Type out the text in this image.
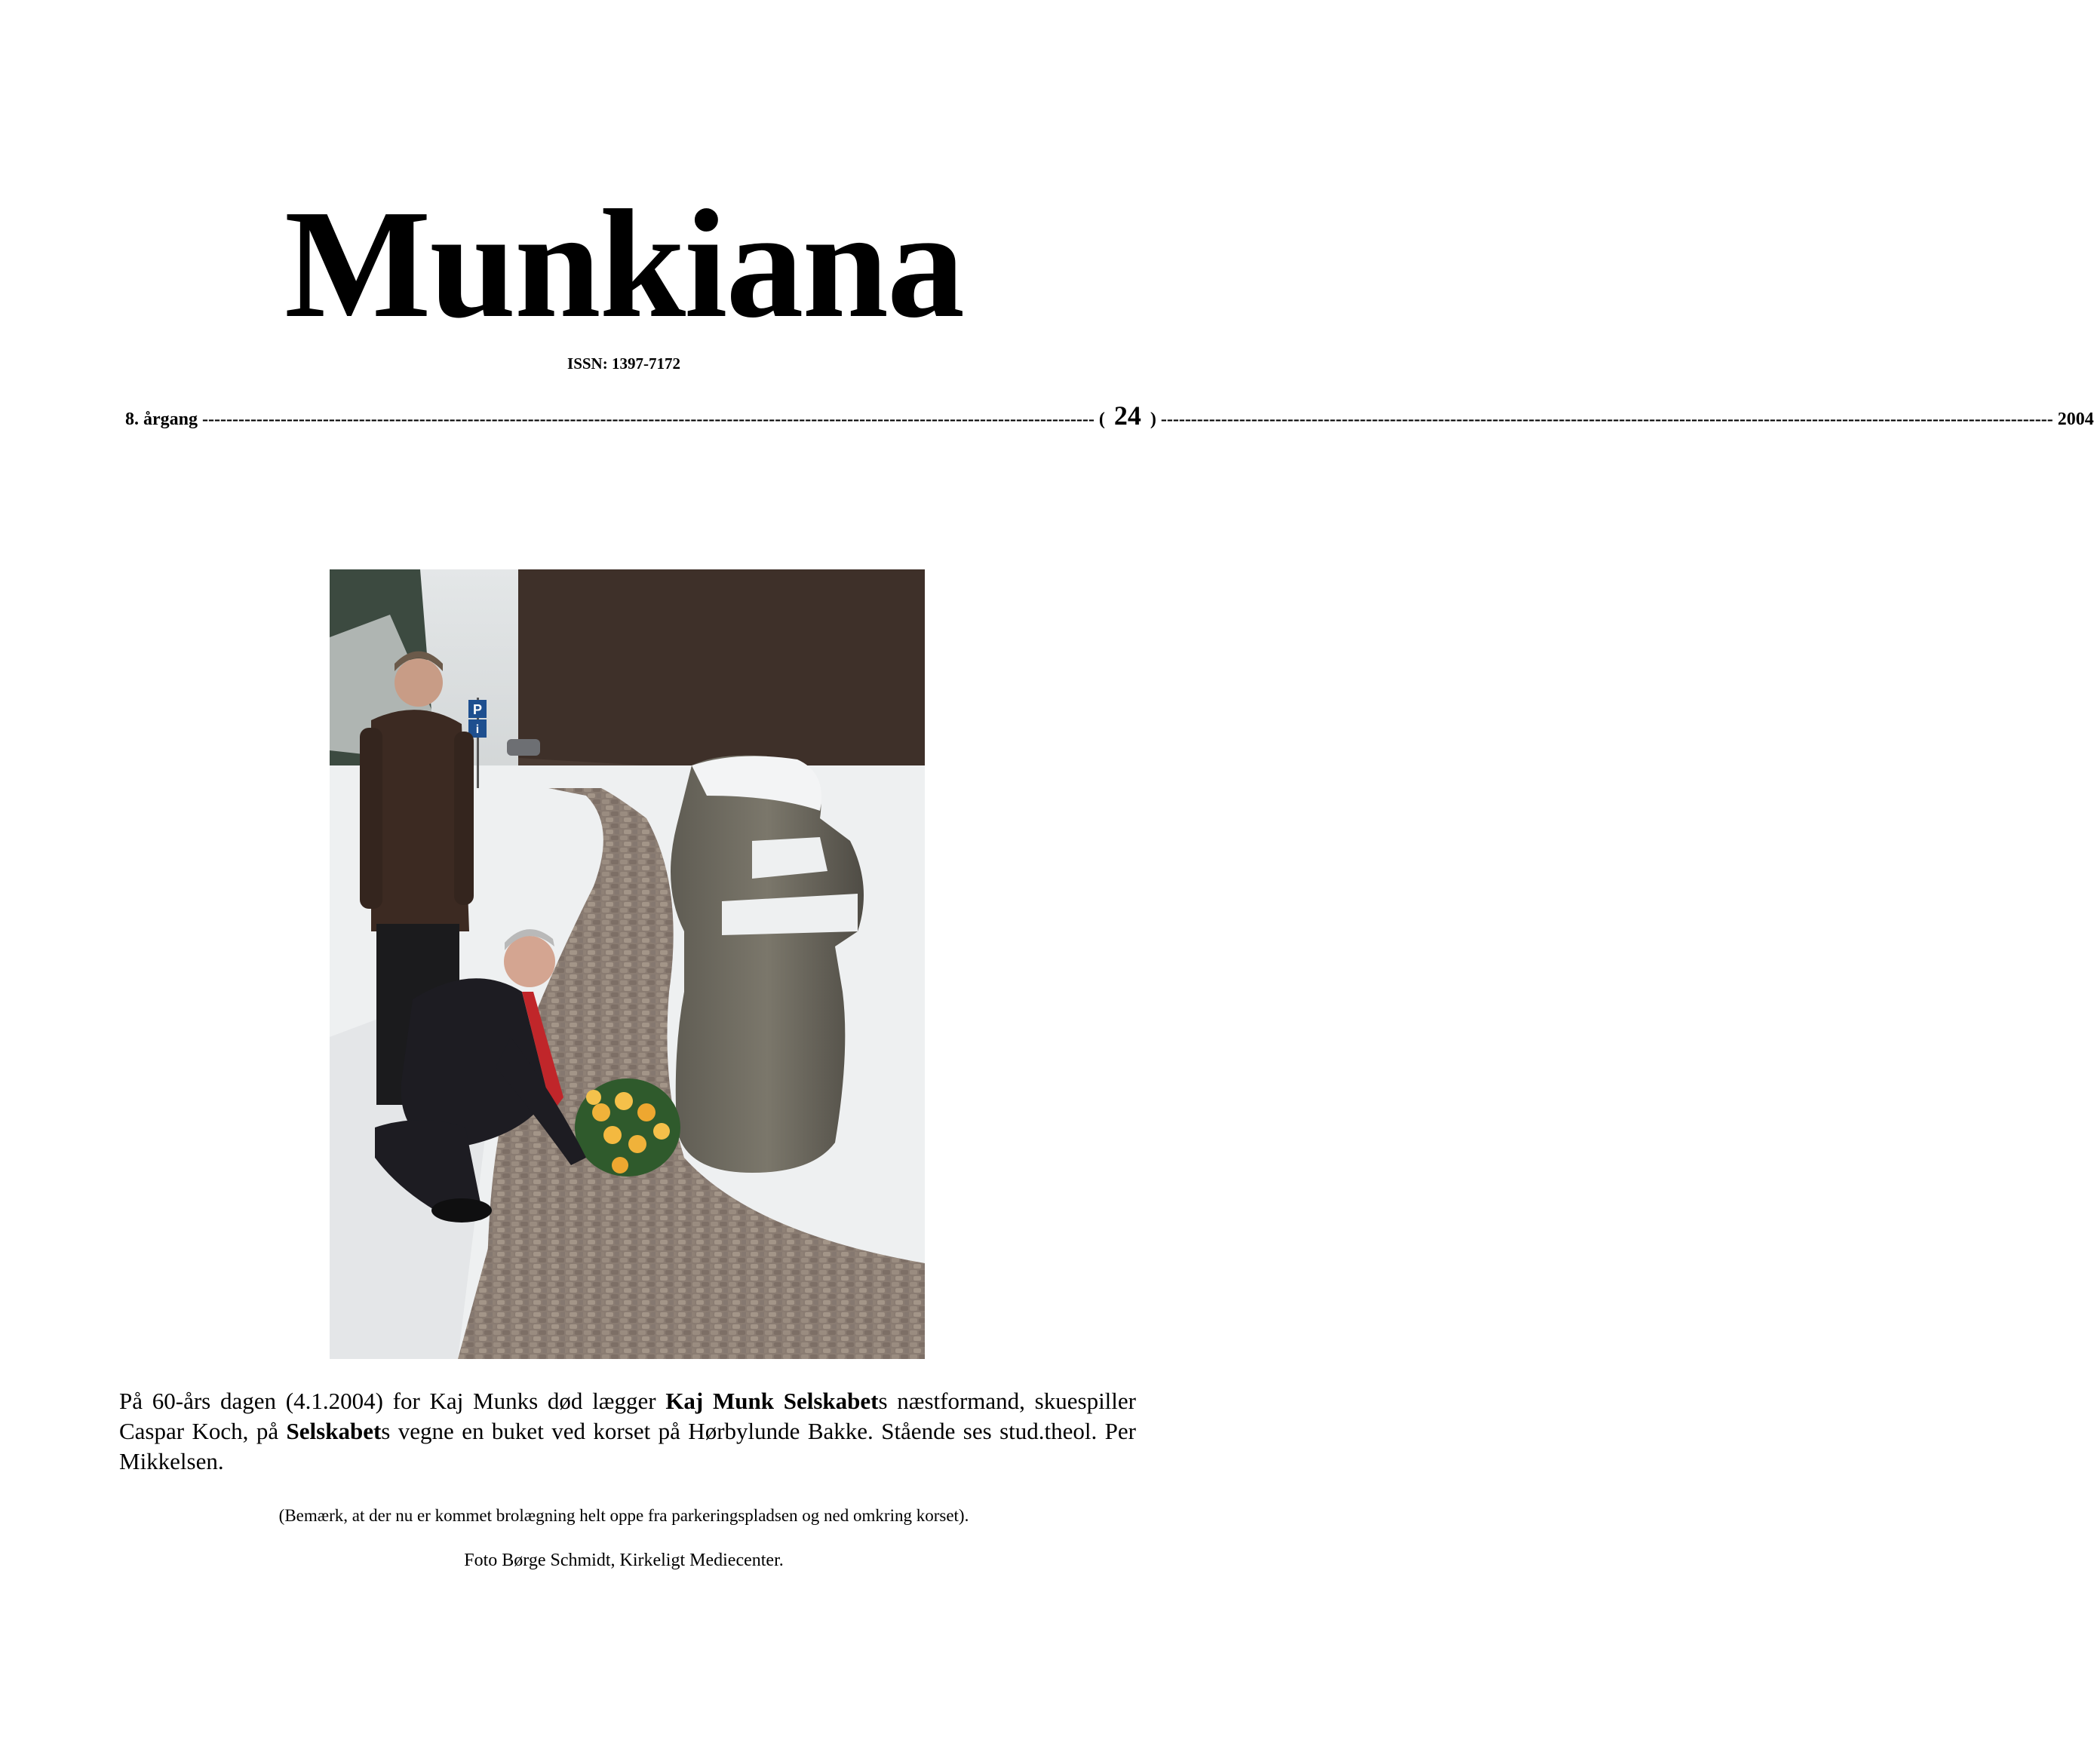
Munkiana
ISSN: 1397-7172
8. årgang ---------------------------------------------------------------------------------------------------------------------------------------------------- ( 24 ) ---------------------------------------------------------------------------------------------------------------------------------------------------- 2004
P
i
På 60-års dagen (4.1.2004) for Kaj Munks død lægger Kaj Munk Selskabets næstformand, skuespiller Caspar Koch, på Selskabets vegne en buket ved korset på Hørbylunde Bakke. Stående ses stud.theol. Per Mikkelsen.
(Bemærk, at der nu er kommet brolægning helt oppe fra parkeringspladsen og ned omkring korset).
Foto Børge Schmidt, Kirkeligt Mediecenter.
